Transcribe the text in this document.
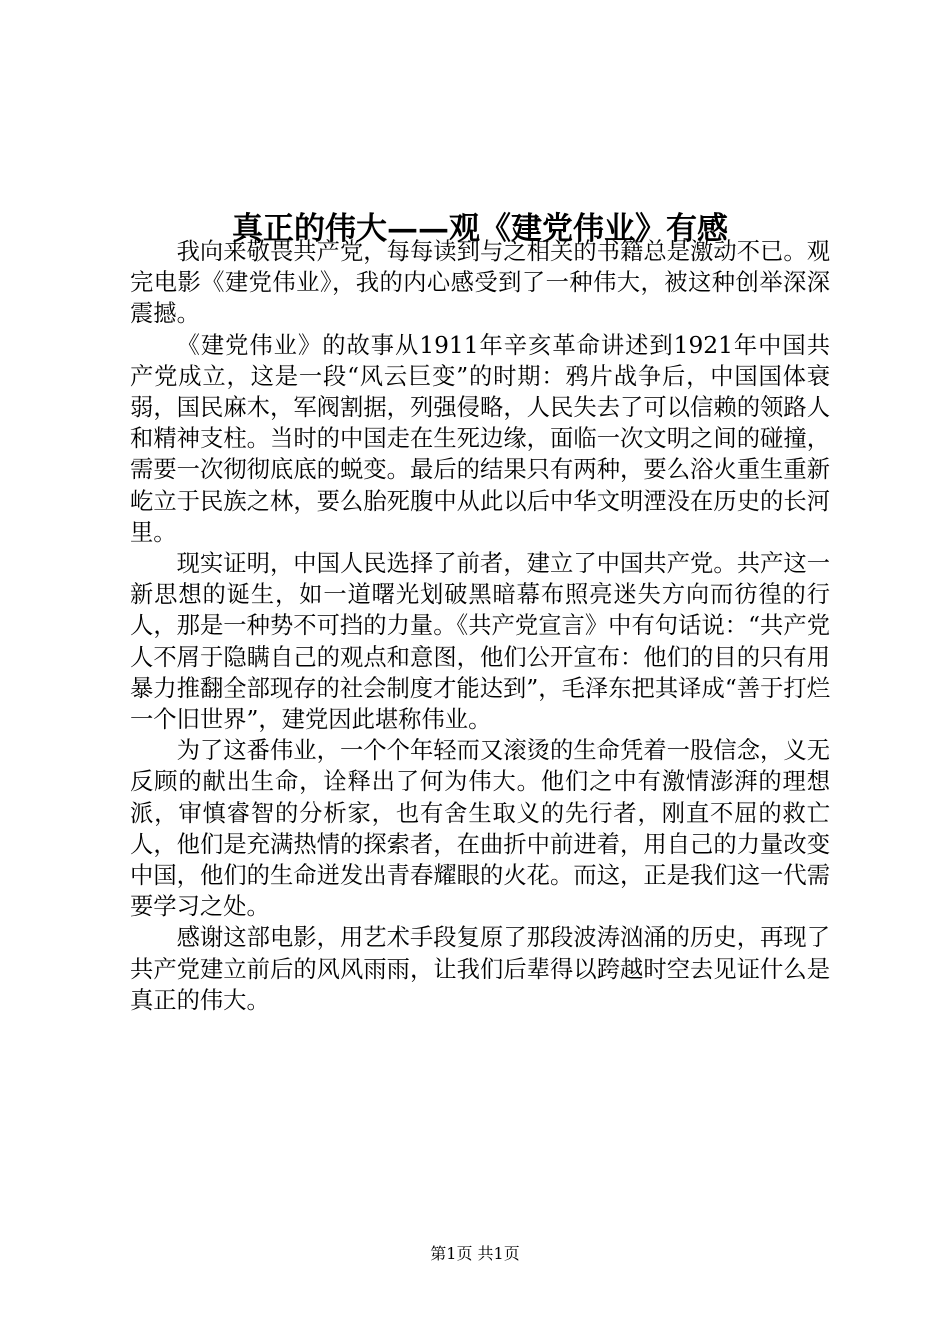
真正的伟大——观《建党伟业》有感

我向来敬畏共产党，每每读到与之相关的书籍总是激动不已。观完电影《建党伟业》，我的内心感受到了一种伟大，被这种创举深深震撼。

《建党伟业》的故事从1911年辛亥革命讲述到1921年中国共产党成立，这是一段“风云巨变”的时期：鸦片战争后，中国国体衰弱，国民麻木，军阀割据，列强侵略，人民失去了可以信赖的领路人和精神支柱。当时的中国走在生死边缘，面临一次文明之间的碰撞，需要一次彻彻底底的蜕变。最后的结果只有两种，要么浴火重生重新屹立于民族之林，要么胎死腹中从此以后中华文明湮没在历史的长河里。

现实证明，中国人民选择了前者，建立了中国共产党。共产这一新思想的诞生，如一道曙光划破黑暗幕布照亮迷失方向而彷徨的行人，那是一种势不可挡的力量。《共产党宣言》中有句话说：“共产党人不屑于隐瞒自己的观点和意图，他们公开宣布：他们的目的只有用暴力推翻全部现存的社会制度才能达到”，毛泽东把其译成“善于打烂一个旧世界”，建党因此堪称伟业。

为了这番伟业，一个个年轻而又滚烫的生命凭着一股信念，义无反顾的献出生命，诠释出了何为伟大。他们之中有激情澎湃的理想派，审慎睿智的分析家，也有舍生取义的先行者，刚直不屈的救亡人，他们是充满热情的探索者，在曲折中前进着，用自己的力量改变中国，他们的生命迸发出青春耀眼的火花。而这，正是我们这一代需要学习之处。

感谢这部电影，用艺术手段复原了那段波涛汹涌的历史，再现了共产党建立前后的风风雨雨，让我们后辈得以跨越时空去见证什么是真正的伟大。

第1页 共1页
